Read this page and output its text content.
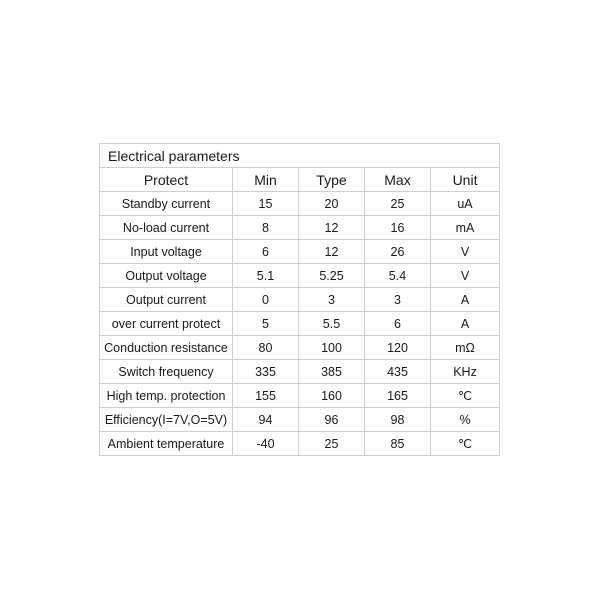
Electrical parameters				
Protect	Min	Type	Max	Unit
Standby current	15	20	25	uA
No-load current	8	12	16	mA
Input voltage	6	12	26	V
Output voltage	5.1	5.25	5.4	V
Output current	0	3	3	A
over current protect	5	5.5	6	A
Conduction resistance	80	100	120	mΩ
Switch frequency	335	385	435	KHz
High temp. protection	155	160	165	℃
Efficiency(I=7V,O=5V)	94	96	98	%
Ambient temperature	-40	25	85	℃
